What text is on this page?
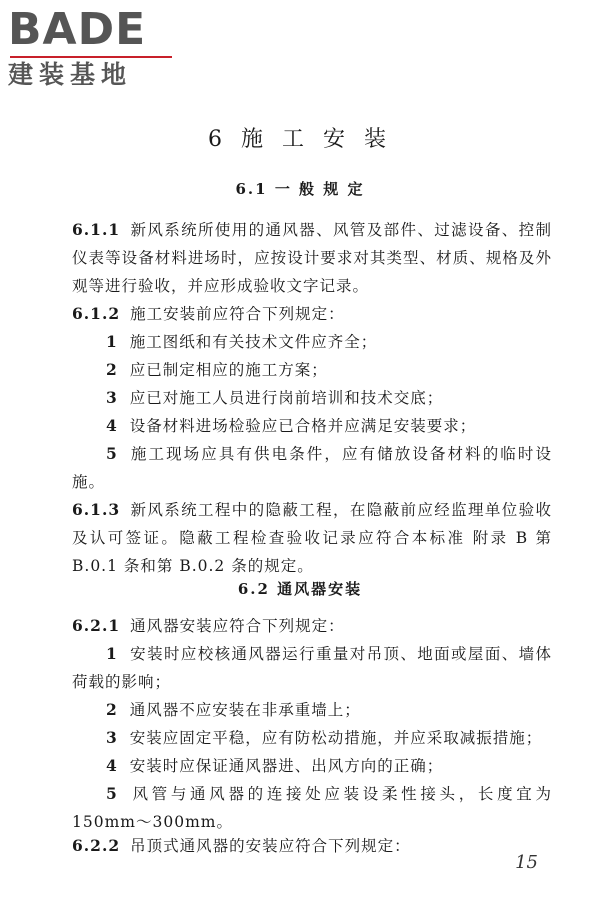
BADE
建装基地
6 施 工 安 装
6.1 一 般 规 定
6.1.1 新风系统所使用的通风器、风管及部件、过滤设备、控制仪表等设备材料进场时，应按设计要求对其类型、材质、规格及外观等进行验收，并应形成验收文字记录。
6.1.2 施工安装前应符合下列规定：
1 施工图纸和有关技术文件应齐全；
2 应已制定相应的施工方案；
3 应已对施工人员进行岗前培训和技术交底；
4 设备材料进场检验应已合格并应满足安装要求；
5 施工现场应具有供电条件，应有储放设备材料的临时设施。
6.1.3 新风系统工程中的隐蔽工程，在隐蔽前应经监理单位验收及认可签证。隐蔽工程检查验收记录应符合本标准 附录 B 第 B.0.1 条和第 B.0.2 条的规定。
6.2 通风器安装
6.2.1 通风器安装应符合下列规定：
1 安装时应校核通风器运行重量对吊顶、地面或屋面、墙体荷载的影响；
2 通风器不应安装在非承重墙上；
3 安装应固定平稳，应有防松动措施，并应采取减振措施；
4 安装时应保证通风器进、出风方向的正确；
5 风管与通风器的连接处应装设柔性接头，长度宜为 150mm～300mm。
6.2.2 吊顶式通风器的安装应符合下列规定：
15
